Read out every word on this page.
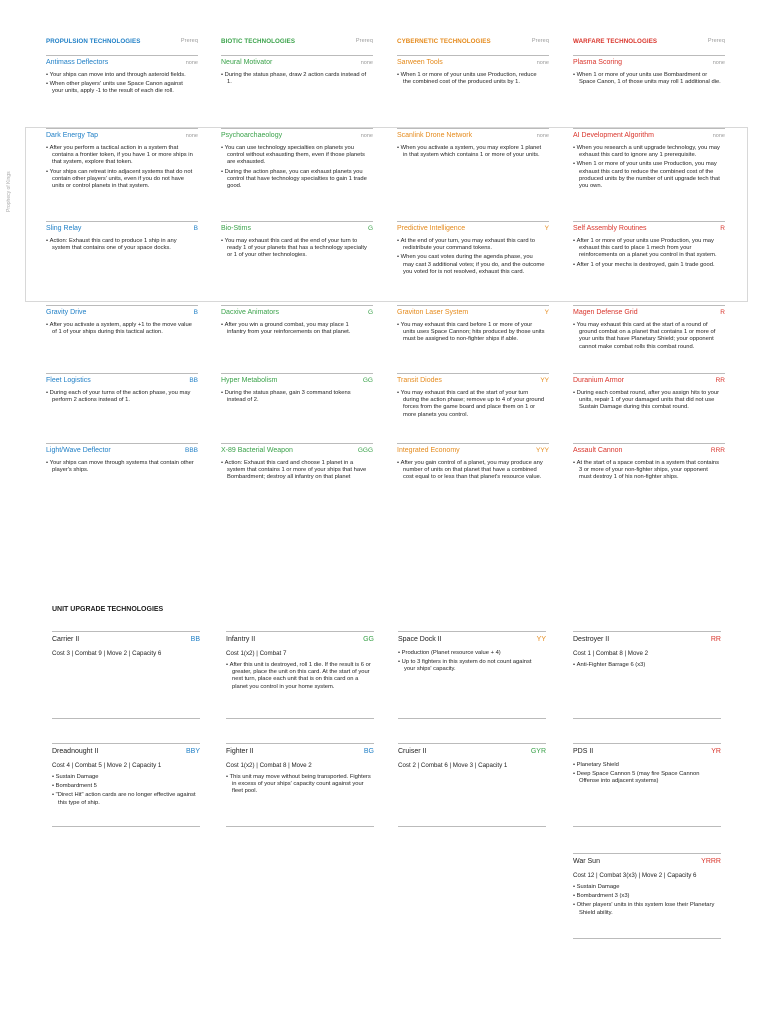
Prophecy of Kings
PROPULSION TECHNOLOGIES	Prereq
Antimass Deflectors	none
• Your ships can move into and through asteroid fields.
• When other players' units use Space Canon against your units, apply -1 to the result of each die roll.
Dark Energy Tap	none
• After you perform a tactical action in a system that contains a frontier token, if you have 1 or more ships in that system, explore that token.
• Your ships can retreat into adjacent systems that do not contain other players' units, even if you do not have units or control planets in that system.
Sling Relay	B
• Action: Exhaust this card to produce 1 ship in any system that contains one of your space docks.
Gravity Drive	B
• After you activate a system, apply +1 to the move value of 1 of your ships during this tactical action.
Fleet Logistics	BB
• During each of your turns of the action phase, you may perform 2 actions instead of 1.
Light/Wave Deflector	BBB
• Your ships can move through systems that contain other player's ships.
BIOTIC TECHNOLOGIES	Prereq
Neural Motivator	none
• During the status phase, draw 2 action cards instead of 1.
Psychoarchaeology	none
• You can use technology specialties on planets you control without exhausting them, even if those planets are exhausted.
• During the action phase, you can exhaust planets you control that have technology specialties to gain 1 trade good.
Bio-Stims	G
• You may exhaust this card at the end of your turn to ready 1 of your planets that has a technology specialty or 1 of your other technologies.
Dacxive Animators	G
• After you win a ground combat, you may place 1 infantry from your reinforcements on that planet.
Hyper Metabolism	GG
• During the status phase, gain 3 command tokens instead of 2.
X-89 Bacterial Weapon	GGG
• Action: Exhaust this card and choose 1 planet in a system that contains 1 or more of your ships that have Bombardment; destroy all infantry on that planet
CYBERNETIC TECHNOLOGIES	Prereq
Sarween Tools	none
• When 1 or more of your units use Production, reduce the combined cost of the produced units by 1.
Scanlink Drone Network	none
• When you activate a system, you may explore 1 planet in that system which contains 1 or more of your units.
Predictive Intelligence	Y
• At the end of your turn, you may exhaust this card to redistribute your command tokens.
• When you cast votes during the agenda phase, you may cast 3 additional votes; if you do, and the outcome you voted for is not resolved, exhaust this card.
Graviton Laser System	Y
• You may exhaust this card before 1 or more of your units uses Space Cannon; hits produced by those units must be assigned to non-fighter ships if able.
Transit Diodes	YY
• You may exhaust this card at the start of your turn during the action phase; remove up to 4 of your ground forces from the game board and place them on 1 or more planets you control.
Integrated Economy	YYY
• After you gain control of a planet, you may produce any number of units on that planet that have a combined cost equal to or less than that planet's resource value.
WARFARE TECHNOLOGIES	Prereq
Plasma Scoring	none
• When 1 or more of your units use Bombardment or Space Canon, 1 of those units may roll 1 additional die.
AI Development Algorithm	none
• When you research a unit upgrade technology, you may exhaust this card to ignore any 1 prerequisite.
• When 1 or more of your units use Production, you may exhaust this card to reduce the combined cost of the produced units by the number of unit upgrade tech that you own.
Self Assembly Routines	R
• After 1 or more of your units use Production, you may exhaust this card to place 1 mech from your reinforcements on a planet you control in that system.
• After 1 of your mechs is destroyed, gain 1 trade good.
Magen Defense Grid	R
• You may exhaust this card at the start of a round of ground combat on a planet that contains 1 or more of your units that have Planetary Shield; your opponent cannot make combat rolls this combat round.
Duranium Armor	RR
• During each combat round, after you assign hits to your units, repair 1 of your damaged units that did not use Sustain Damage during this combat round.
Assault Cannon	RRR
• At the start of a space combat in a system that contains 3 or more of your non-fighter ships, your opponent must destroy 1 of his non-fighter ships.
UNIT UPGRADE TECHNOLOGIES
Carrier II	BB
Cost 3 | Combat 9 | Move 2 | Capacity 6
Infantry II	GG
Cost 1(x2) | Combat 7
• After this unit is destroyed, roll 1 die. If the result is 6 or greater, place the unit on this card. At the start of your next turn, place each unit that is on this card on a planet you control in your home system.
Space Dock II	YY
• Production (Planet resource value + 4)
• Up to 3 fighters in this system do not count against your ships' capacity.
Destroyer II	RR
Cost 1 | Combat 8 | Move 2
• Anti-Fighter Barrage 6 (x3)
Dreadnought II	BBY
Cost 4 | Combat 5 | Move 2 | Capacity 1
• Sustain Damage
• Bombardment 5
• "Direct Hit" action cards are no longer effective against this type of ship.
Fighter II	BG
Cost 1(x2) | Combat 8 | Move 2
• This unit may move without being transported. Fighters in excess of your ships' capacity count against your fleet pool.
Cruiser II	GYR
Cost 2 | Combat 6 | Move 3 | Capacity 1
PDS II	YR
• Planetary Shield
• Deep Space Cannon 5 (may fire Space Cannon Offense into adjacent systems)
War Sun	YRRR
Cost 12 | Combat 3(x3) | Move 2 | Capacity 6
• Sustain Damage
• Bombardment 3 (x3)
• Other players' units in this system lose their Planetary Shield ability.
